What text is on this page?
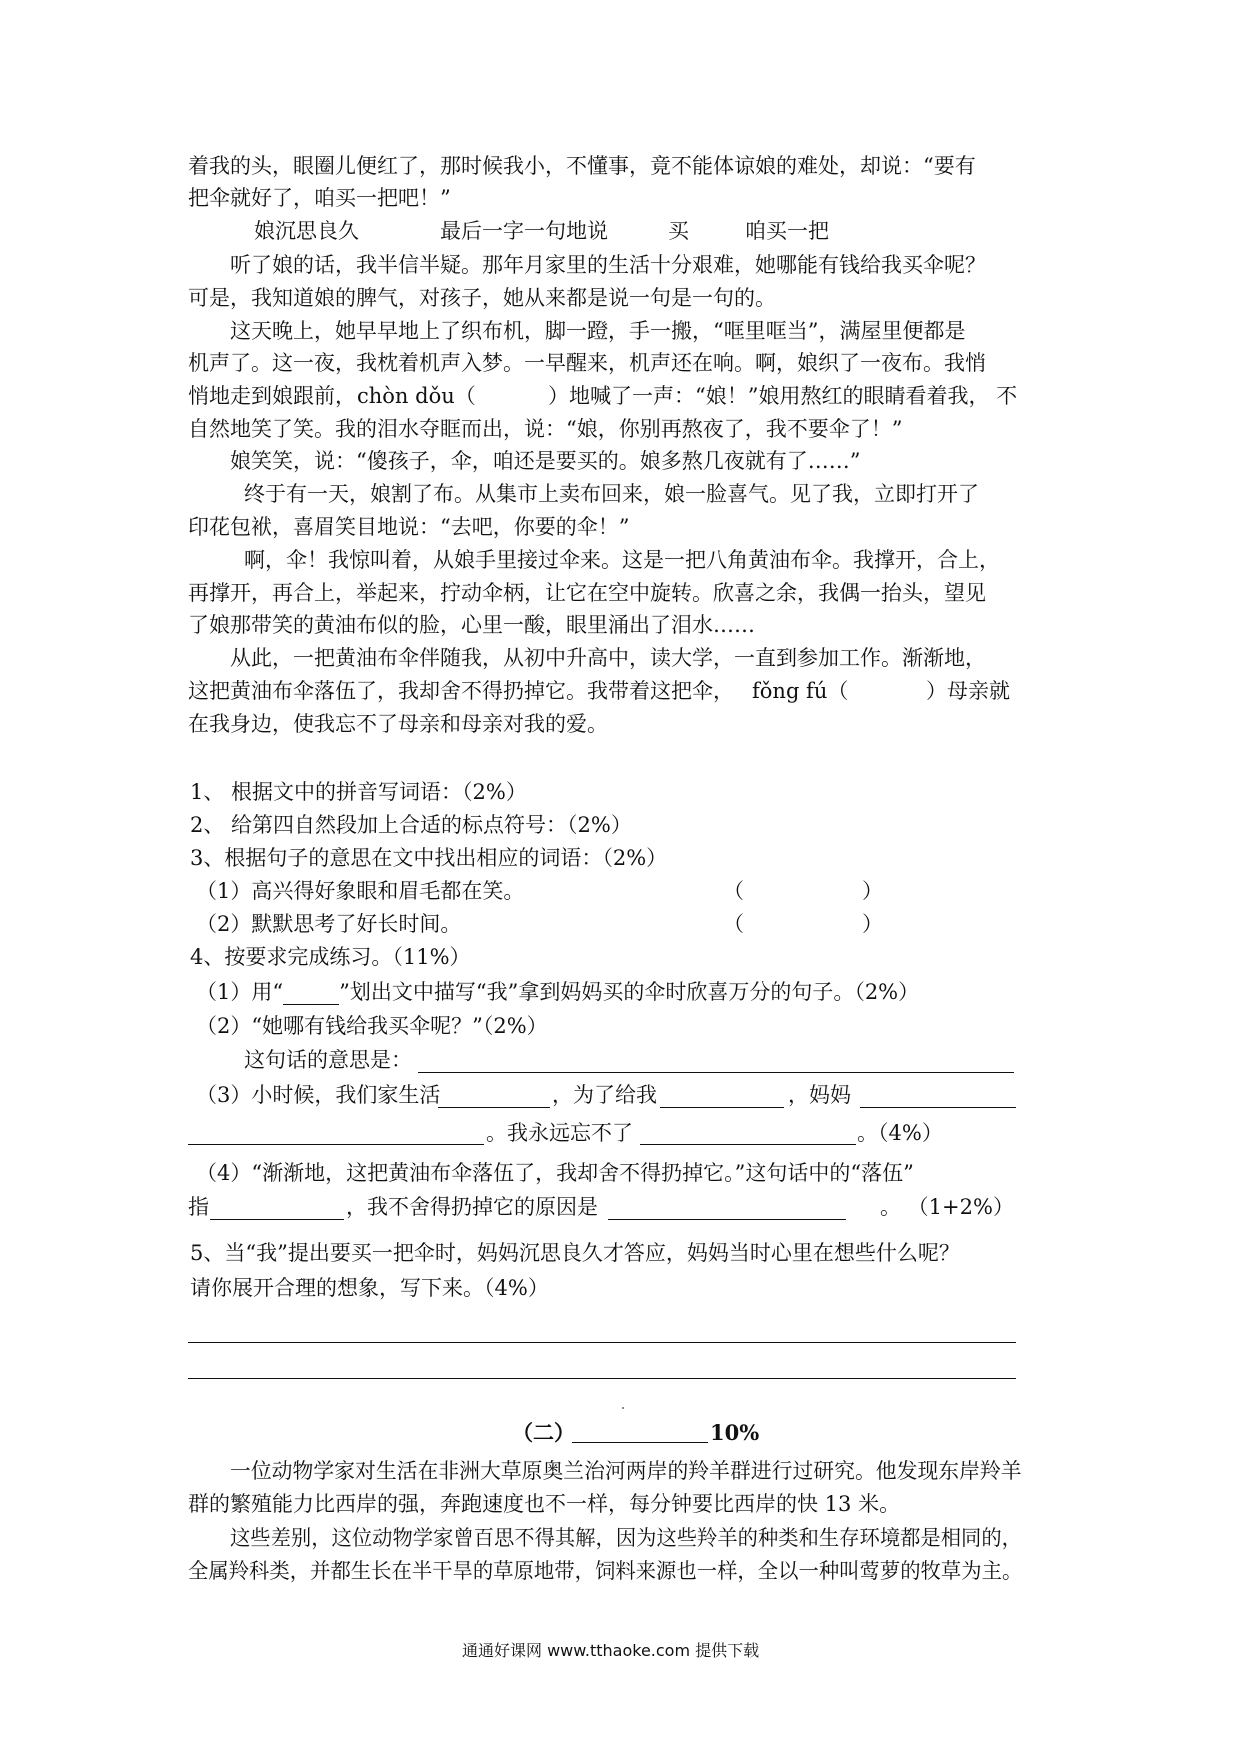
着我的头，眼圈儿便红了，那时候我小，不懂事，竟不能体谅娘的难处，却说：“要有
把伞就好了，咱买一把吧！”
娘沉思良久	最后一字一句地说	买	咱买一把
听了娘的话，我半信半疑。那年月家里的生活十分艰难，她哪能有钱给我买伞呢？
可是，我知道娘的脾气，对孩子，她从来都是说一句是一句的。
这天晚上，她早早地上了织布机，脚一蹬，手一搬，“哐里哐当”，满屋里便都是
机声了。这一夜，我枕着机声入梦。一早醒来，机声还在响。啊，娘织了一夜布。我悄
悄地走到娘跟前， chòn dǒu（	）地喊了一声：“娘！”娘用熬红的眼睛看着我， 不
自然地笑了笑。我的泪水夺眶而出，说：“娘，你别再熬夜了，我不要伞了！”
娘笑笑，说：“傻孩子，伞，咱还是要买的。娘多熬几夜就有了……”
终于有一天，娘割了布。从集市上卖布回来，娘一脸喜气。见了我，立即打开了
印花包袱，喜眉笑目地说：“去吧，你要的伞！”
啊，伞！我惊叫着，从娘手里接过伞来。这是一把八角黄油布伞。我撑开，合上，
再撑开，再合上，举起来，拧动伞柄，让它在空中旋转。欣喜之余，我偶一抬头，望见
了娘那带笑的黄油布似的脸，心里一酸，眼里涌出了泪水……
从此，一把黄油布伞伴随我，从初中升高中，读大学，一直到参加工作。渐渐地，
这把黄油布伞落伍了，我却舍不得扔掉它。我带着这把伞， fǒng fú（	）母亲就
在我身边，使我忘不了母亲和母亲对我的爱。
1、 根据文中的拼音写词语：（2%）
2、 给第四自然段加上合适的标点符号：（2%）
3、根据句子的意思在文中找出相应的词语：（2%）
（1）高兴得好象眼和眉毛都在笑。	（	）
（2）默默思考了好长时间。	（	）
4、按要求完成练习。（11%）
（1）用“	”划出文中描写“我”拿到妈妈买的伞时欣喜万分的句子。（2%）
（2）“她哪有钱给我买伞呢？”（2%）
这句话的意思是：
（3）小时候，我们家生活	，为了给我	，妈妈
。我永远忘不了	。（4%）
（4）“渐渐地，这把黄油布伞落伍了，我却舍不得扔掉它。”这句话中的“落伍”
指	，我不舍得扔掉它的原因是	。 （1+2%）
5、当“我”提出要买一把伞时，妈妈沉思良久才答应，妈妈当时心里在想些什么呢？
请你展开合理的想象，写下来。（4%）
（二）	10%
一位动物学家对生活在非洲大草原奥兰治河两岸的羚羊群进行过研究。他发现东岸羚羊
群的繁殖能力比西岸的强，奔跑速度也不一样，每分钟要比西岸的快 13 米。
这些差别，这位动物学家曾百思不得其解，因为这些羚羊的种类和生存环境都是相同的，
全属羚科类，并都生长在半干旱的草原地带，饲料来源也一样，全以一种叫莺萝的牧草为主。
通通好课网 www.tthaoke.com 提供下载
